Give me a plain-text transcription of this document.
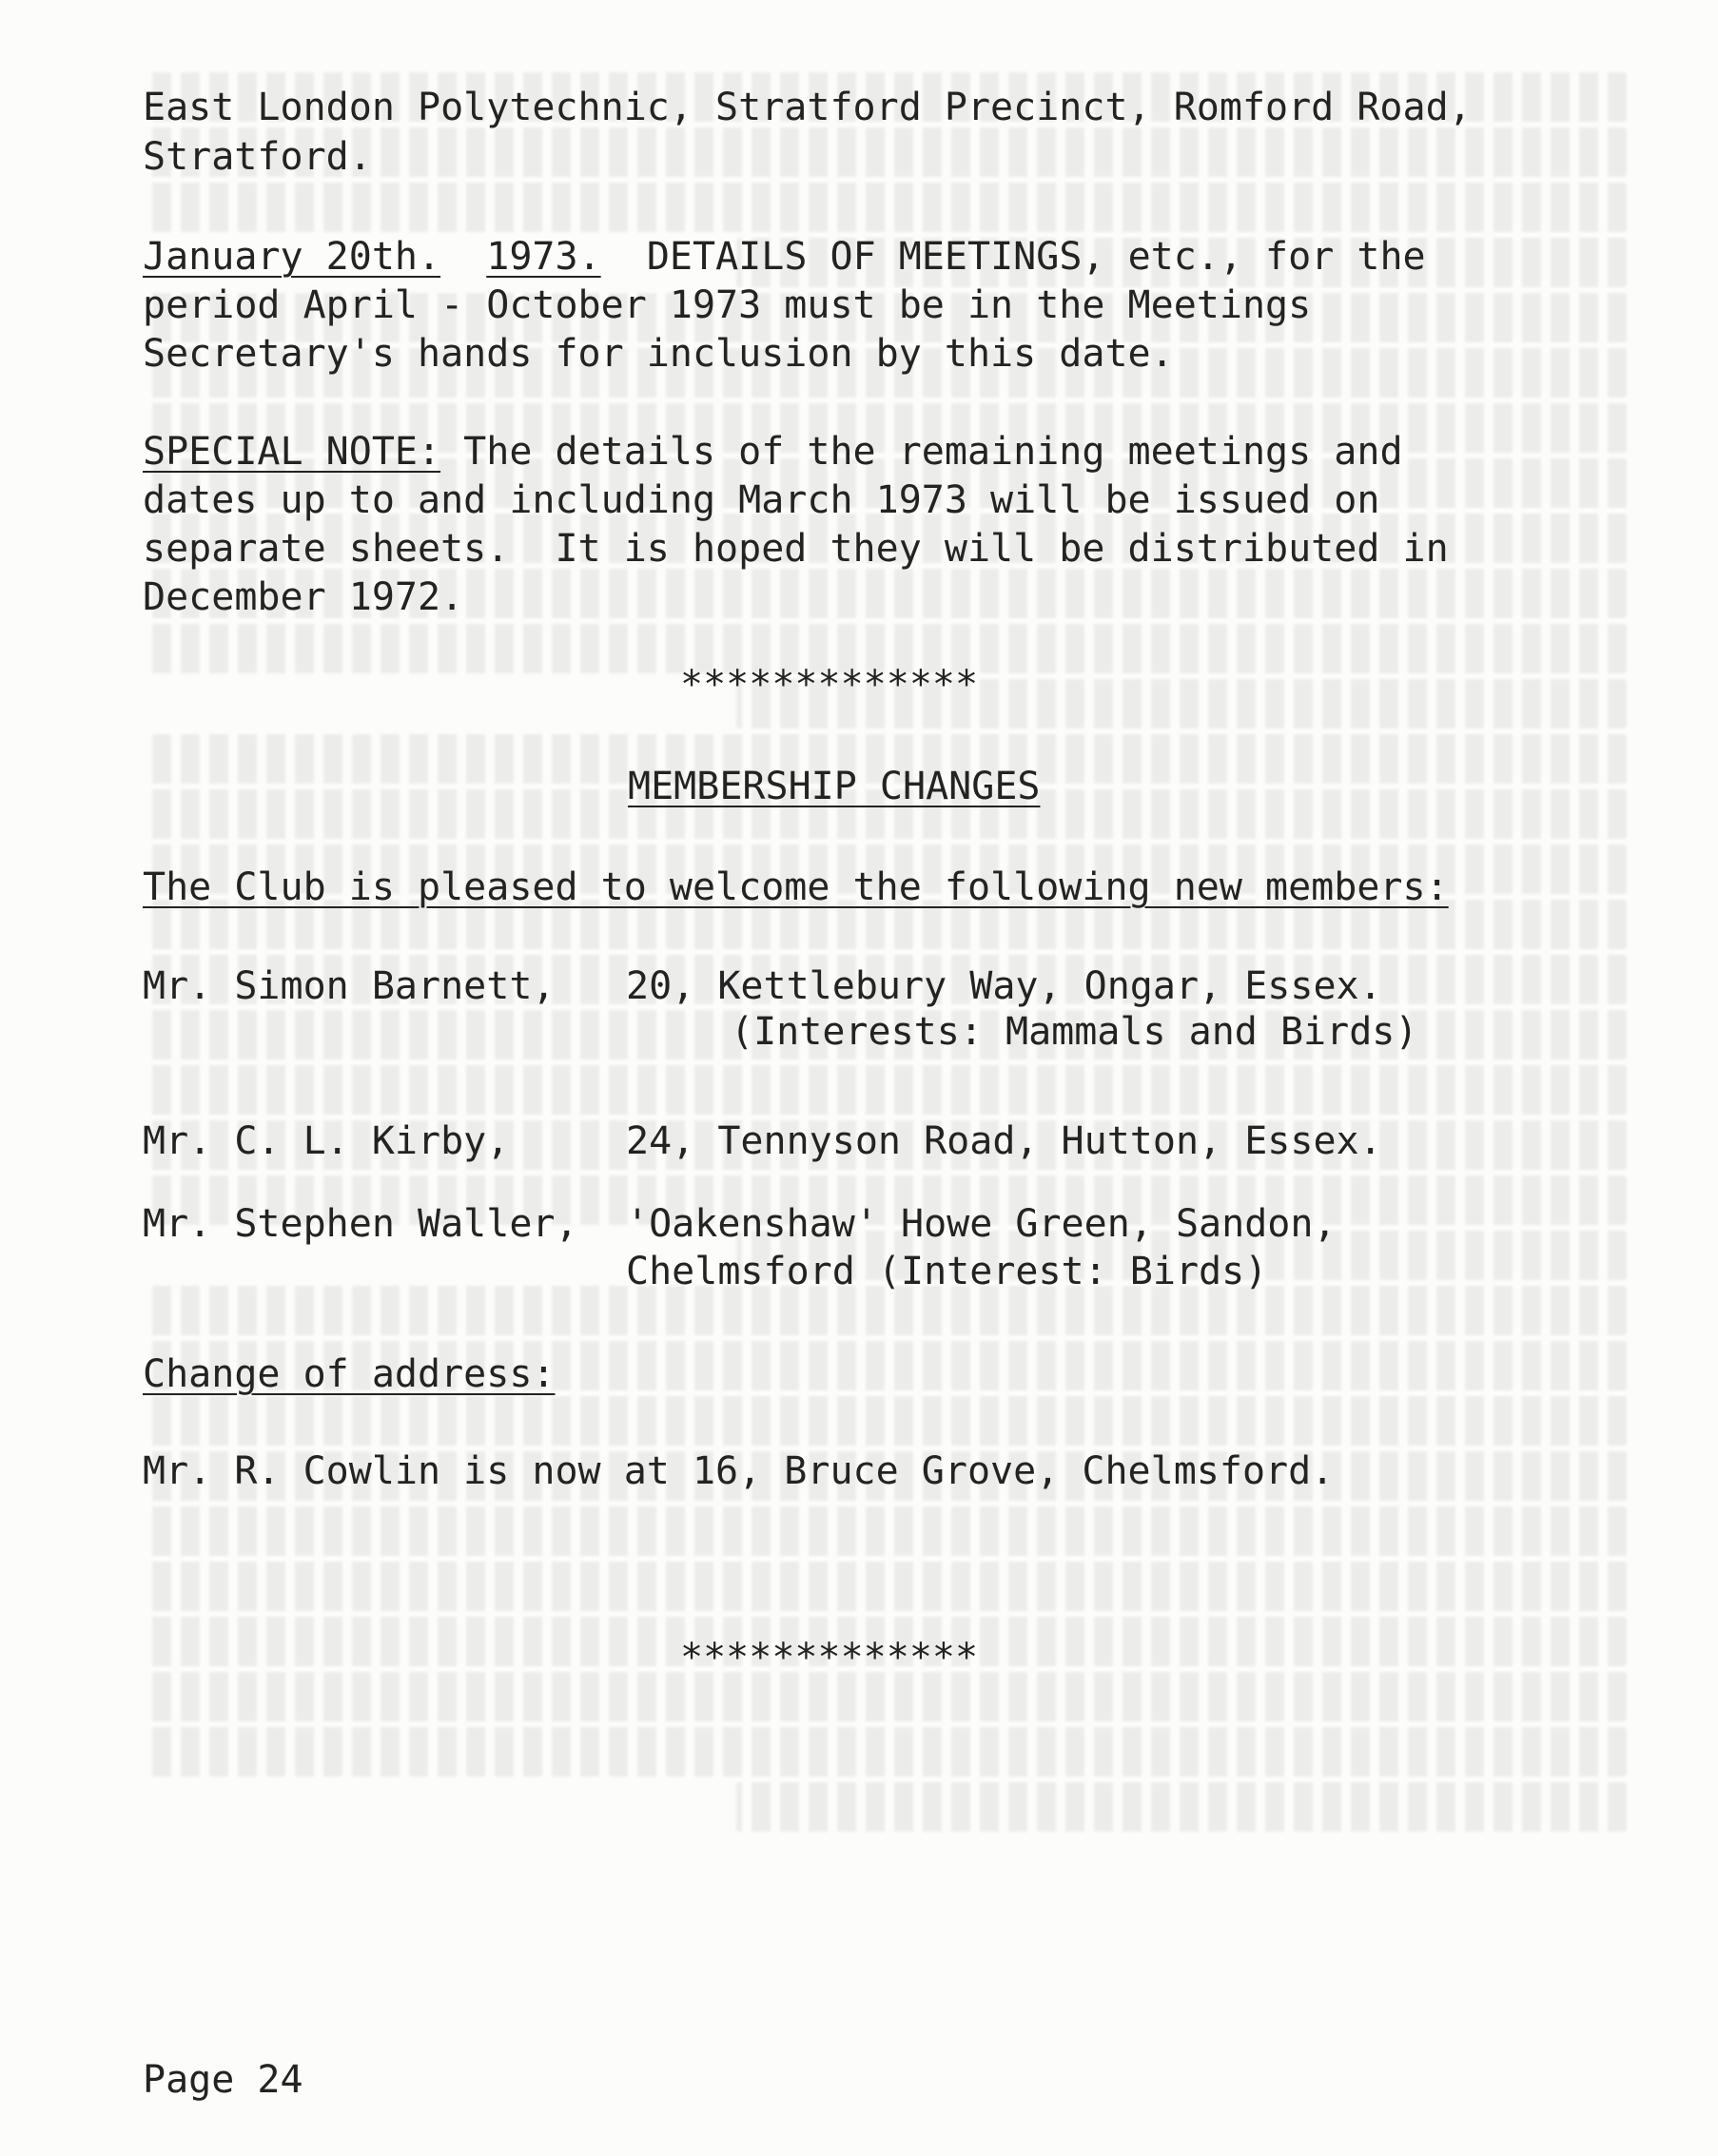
East London Polytechnic, Stratford Precinct, Romford Road,
Stratford.
January 20th. 1973. DETAILS OF MEETINGS, etc., for the
period April - October 1973 must be in the Meetings
Secretary's hands for inclusion by this date.
SPECIAL NOTE: The details of the remaining meetings and
dates up to and including March 1973 will be issued on
separate sheets.  It is hoped they will be distributed in
December 1972.
*************
MEMBERSHIP CHANGES
The Club is pleased to welcome the following new members:
Mr. Simon Barnett, 20, Kettlebury Way, Ongar, Essex.
(Interests: Mammals and Birds)
Mr. C. L. Kirby,	24, Tennyson Road, Hutton, Essex.
Mr. Stephen Waller, 'Oakenshaw' Howe Green, Sandon,
Chelmsford (Interest: Birds)
Change of address:
Mr. R. Cowlin is now at 16, Bruce Grove, Chelmsford.
*************
Page 24
